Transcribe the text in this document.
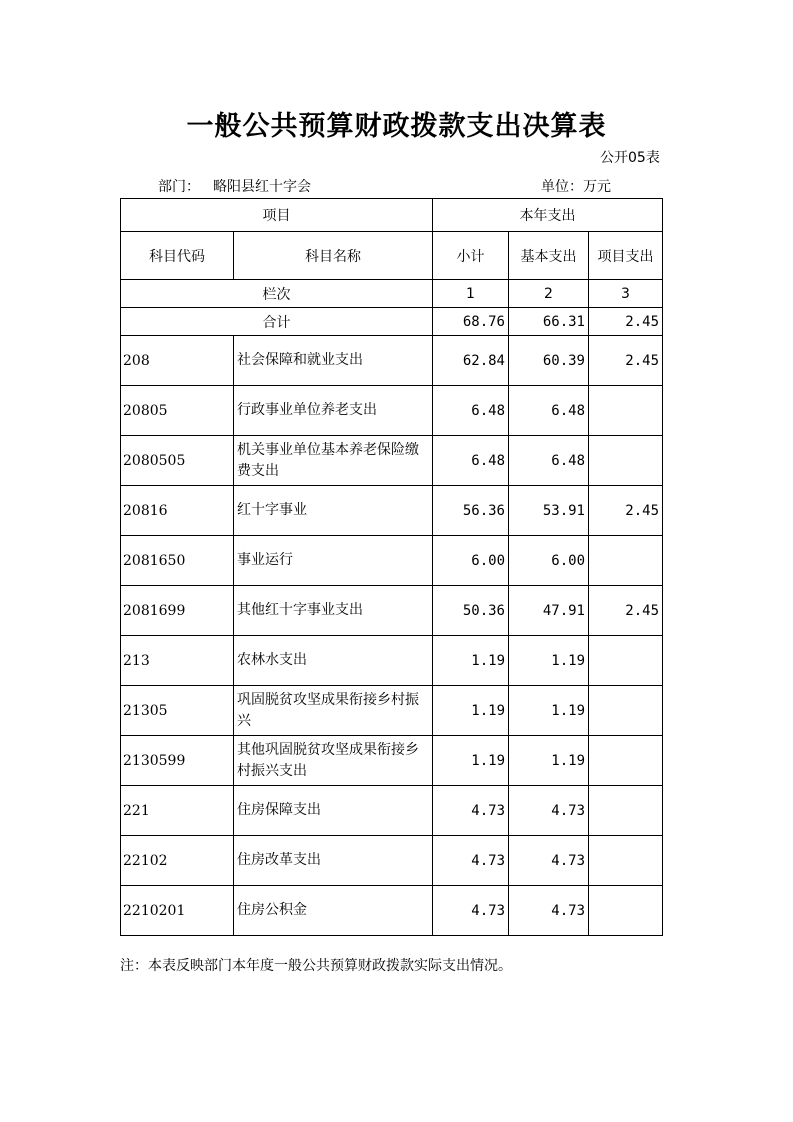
一般公共预算财政拨款支出决算表
公开05表
部门： 略阳县红十字会	单位：万元
项目		本年支出		
科目代码	科目名称	小计	基本支出	项目支出
栏次		1	2	3
合计		68.76	66.31	2.45
208	社会保障和就业支出	62.84	60.39	2.45
20805	行政事业单位养老支出	6.48	6.48	
2080505	机关事业单位基本养老保险缴费支出	6.48	6.48	
20816	红十字事业	56.36	53.91	2.45
2081650	事业运行	6.00	6.00	
2081699	其他红十字事业支出	50.36	47.91	2.45
213	农林水支出	1.19	1.19	
21305	巩固脱贫攻坚成果衔接乡村振兴	1.19	1.19	
2130599	其他巩固脱贫攻坚成果衔接乡村振兴支出	1.19	1.19	
221	住房保障支出	4.73	4.73	
22102	住房改革支出	4.73	4.73	
2210201	住房公积金	4.73	4.73	
注：本表反映部门本年度一般公共预算财政拨款实际支出情况。
